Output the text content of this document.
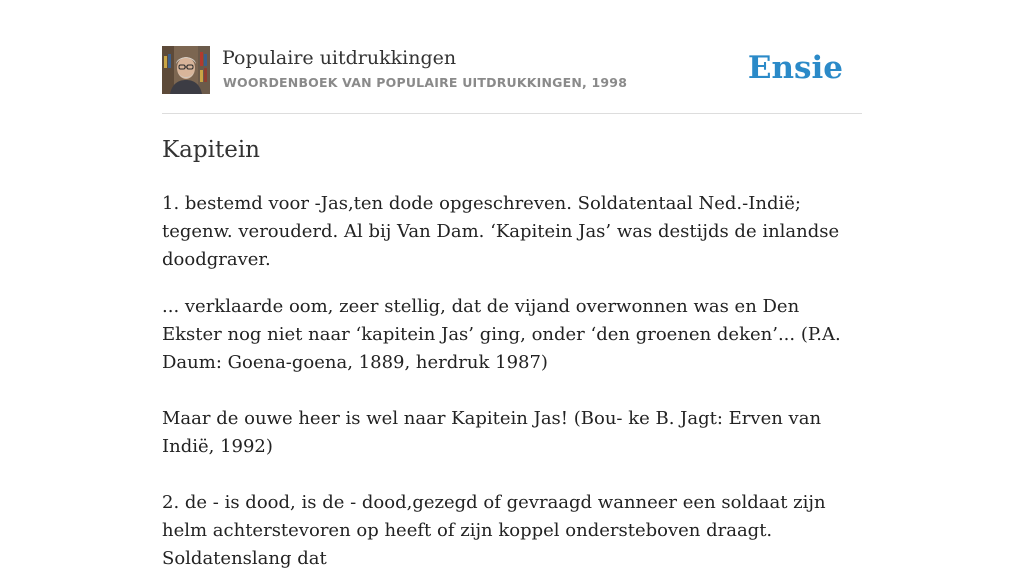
Populaire uitdrukkingen
WOORDENBOEK VAN POPULAIRE UITDRUKKINGEN, 1998	Ensie
Kapitein

1. bestemd voor -Jas,ten dode opgeschreven. Soldatentaal Ned.-Indië; tegenw. verouderd. Al bij Van Dam. ‘Kapitein Jas’ was destijds de inlandse doodgraver.

... verklaarde oom, zeer stellig, dat de vijand overwonnen was en Den Ekster nog niet naar ‘kapitein Jas’ ging, onder ‘den groenen deken’... (P.A. Daum: Goena-goena, 1889, herdruk 1987)

Maar de ouwe heer is wel naar Kapitein Jas! (Bou- ke B. Jagt: Erven van Indië, 1992)

2. de - is dood, is de - dood,gezegd of gevraagd wanneer een soldaat zijn helm achterstevoren op heeft of zijn koppel ondersteboven draagt. Soldatenslang dat
